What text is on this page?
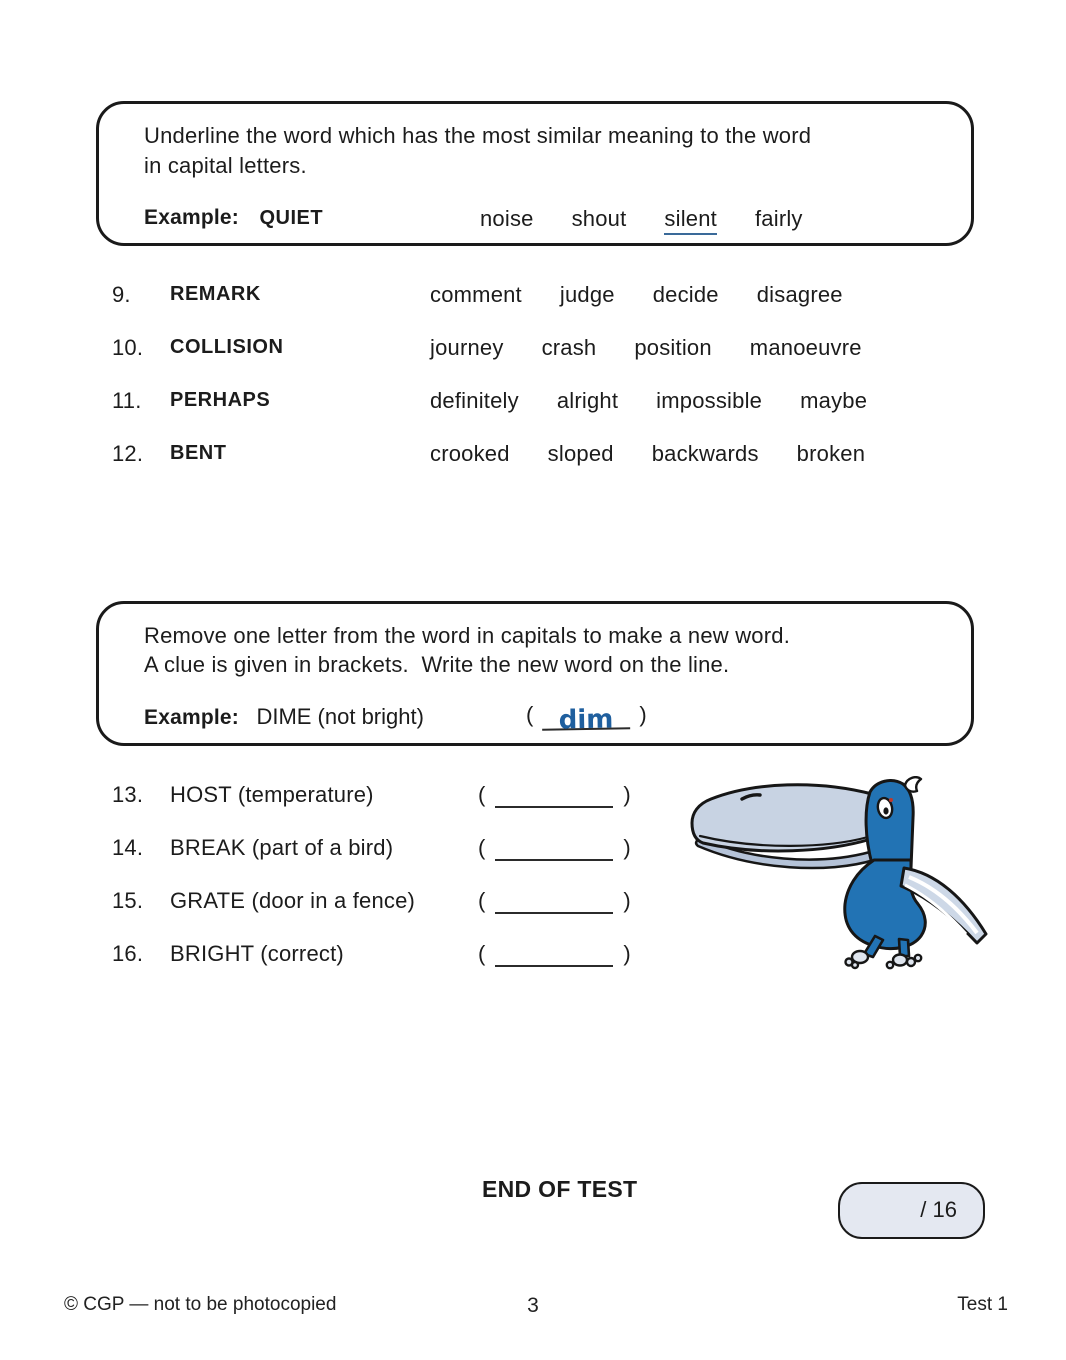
Underline the word which has the most similar meaning to the word

in capital letters.

Example: QUIET	noise shout silent fairly
9. REMARK	comment judge decide disagree
10. COLLISION	journey crash position manoeuvre
11. PERHAPS	definitely alright impossible maybe
12. BENT	crooked sloped backwards broken

Remove one letter from the word in capitals to make a new word.

A clue is given in brackets.  Write the new word on the line.

Example: DIME (not bright)	( dim )
13. HOST (temperature)	(	)
14. BREAK (part of a bird)	(	)
15. GRATE (door in a fence)	(	)
16. BRIGHT (correct)	(	)
END OF TEST
/ 16
© CGP — not to be photocopied	3	Test 1
